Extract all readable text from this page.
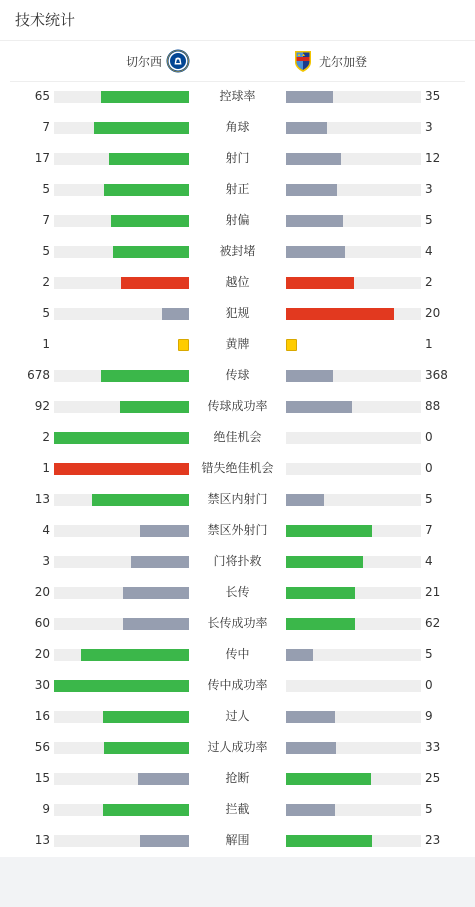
技术统计
切尔西	尤尔加登
65	控球率	35
7	角球	3
17	射门	12
5	射正	3
7	射偏	5
5	被封堵	4
2	越位	2
5	犯规	20
1	黄牌	1
678	传球	368
92	传球成功率	88
2	绝佳机会	0
1	错失绝佳机会	0
13	禁区内射门	5
4	禁区外射门	7
3	门将扑救	4
20	长传	21
60	长传成功率	62
20	传中	5
30	传中成功率	0
16	过人	9
56	过人成功率	33
15	抢断	25
9	拦截	5
13	解围	23
